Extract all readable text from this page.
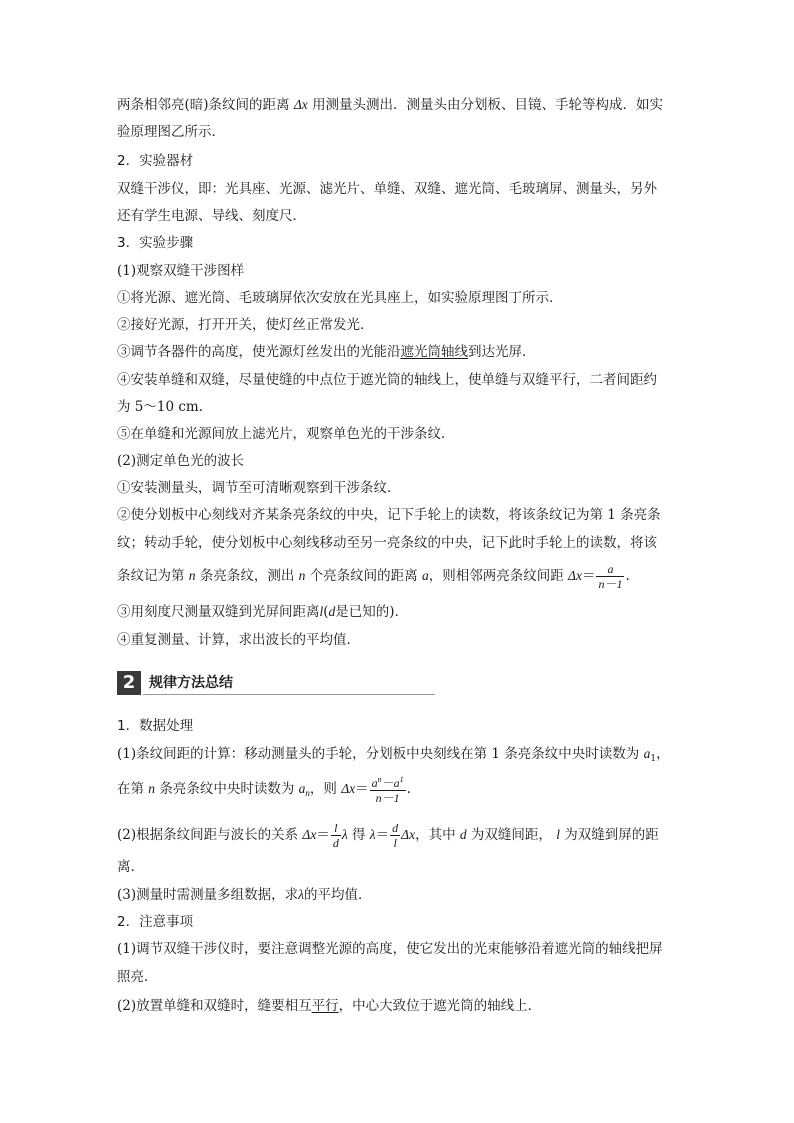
两条相邻亮(暗)条纹间的距离 Δx 用测量头测出．测量头由分划板、目镜、手轮等构成．如实
验原理图乙所示．
2．实验器材
双缝干涉仪，即：光具座、光源、滤光片、单缝、双缝、遮光筒、毛玻璃屏、测量头，另外
还有学生电源、导线、刻度尺．
3．实验步骤
(1)观察双缝干涉图样
①将光源、遮光筒、毛玻璃屏依次安放在光具座上，如实验原理图丁所示．
②接好光源，打开开关，使灯丝正常发光．
③调节各器件的高度，使光源灯丝发出的光能沿遮光筒轴线到达光屏．
④安装单缝和双缝，尽量使缝的中点位于遮光筒的轴线上，使单缝与双缝平行，二者间距约
为 5～10 cm.
⑤在单缝和光源间放上滤光片，观察单色光的干涉条纹．
(2)测定单色光的波长
①安装测量头，调节至可清晰观察到干涉条纹．
②使分划板中心刻线对齐某条亮条纹的中央，记下手轮上的读数，将该条纹记为第 1 条亮条
纹；转动手轮，使分划板中心刻线移动至另一亮条纹的中央，记下此时手轮上的读数，将该
条纹记为第 n 条亮条纹，测出 n 个亮条纹间的距离 a，则相邻两亮条纹间距 $\Delta x= \frac{a}{n-1}$ .
③用刻度尺测量双缝到光屏间距离l(d是已知的)．
④重复测量、计算，求出波长的平均值．
2 规律方法总结
1．数据处理
(1)条纹间距的计算：移动测量头的手轮，分划板中央刻线在第 1 条亮条纹中央时读数为 $a_1$，
在第 n 条亮条纹中央时读数为 $a_n$，则 $\Delta x= \frac{a^n-a^1}{n-1}$ .
(2)根据条纹间距与波长的关系 $\Delta x= \frac{l}{d}$ λ 得 $\lambda= \frac{d}{l}$ Δx，其中 d 为双缝间距， l 为双缝到屏的距
离．
(3)测量时需测量多组数据，求λ的平均值．
2．注意事项
(1)调节双缝干涉仪时，要注意调整光源的高度，使它发出的光束能够沿着遮光筒的轴线把屏
照亮．
(2)放置单缝和双缝时，缝要相互平行，中心大致位于遮光筒的轴线上．
